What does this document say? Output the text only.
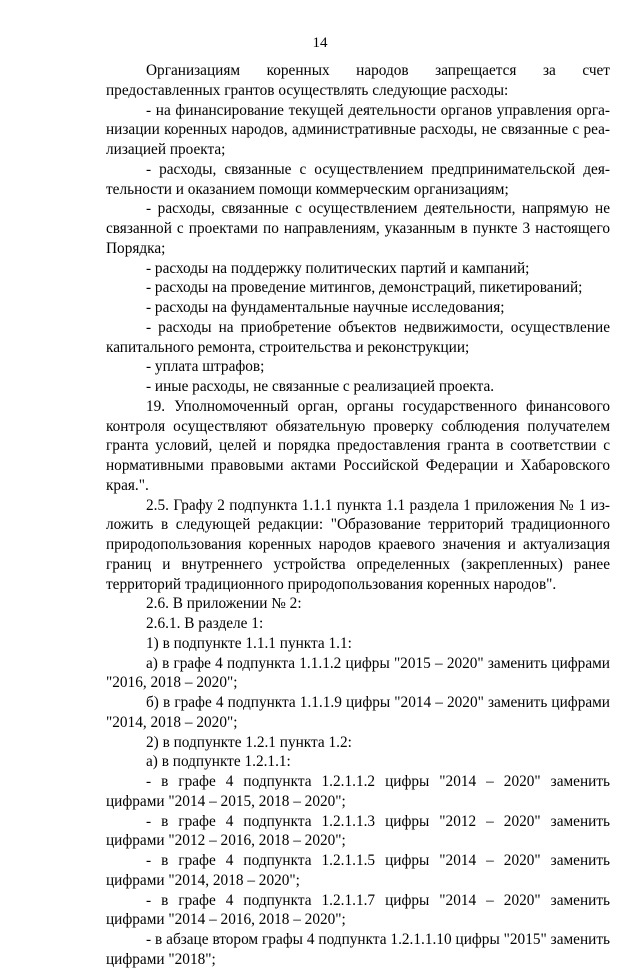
14

Организациям коренных народов запрещается за счет предоставленных грантов осуществлять следующие расходы:

- на финансирование текущей деятельности органов управления организации коренных народов, административные расходы, не связанные с реализацией проекта;

- расходы, связанные с осуществлением предпринимательской деятельности и оказанием помощи коммерческим организациям;

- расходы, связанные с осуществлением деятельности, напрямую не связанной с проектами по направлениям, указанным в пункте 3 настоящего Порядка;

- расходы на поддержку политических партий и кампаний;

- расходы на проведение митингов, демонстраций, пикетирований;

- расходы на фундаментальные научные исследования;

- расходы на приобретение объектов недвижимости, осуществление капитального ремонта, строительства и реконструкции;

- уплата штрафов;

- иные расходы, не связанные с реализацией проекта.

19. Уполномоченный орган, органы государственного финансового контроля осуществляют обязательную проверку соблюдения получателем гранта условий, целей и порядка предоставления гранта в соответствии с нормативными правовыми актами Российской Федерации и Хабаровского края.".

2.5. Графу 2 подпункта 1.1.1 пункта 1.1 раздела 1 приложения № 1 изложить в следующей редакции: "Образование территорий традиционного природопользования коренных народов краевого значения и актуализация границ и внутреннего устройства определенных (закрепленных) ранее территорий традиционного природопользования коренных народов".

2.6. В приложении № 2:

2.6.1. В разделе 1:

1) в подпункте 1.1.1 пункта 1.1:

а) в графе 4 подпункта 1.1.1.2 цифры "2015 – 2020" заменить цифрами "2016, 2018 – 2020";

б) в графе 4 подпункта 1.1.1.9 цифры "2014 – 2020" заменить цифрами "2014, 2018 – 2020";

2) в подпункте 1.2.1 пункта 1.2:

а) в подпункте 1.2.1.1:

- в графе 4 подпункта 1.2.1.1.2 цифры "2014 – 2020" заменить цифрами "2014 – 2015, 2018 – 2020";

- в графе 4 подпункта 1.2.1.1.3 цифры "2012 – 2020" заменить цифрами "2012 – 2016, 2018 – 2020";

- в графе 4 подпункта 1.2.1.1.5 цифры "2014 – 2020" заменить цифрами "2014, 2018 – 2020";

- в графе 4 подпункта 1.2.1.1.7 цифры "2014 – 2020" заменить цифрами "2014 – 2016, 2018 – 2020";

- в абзаце втором графы 4 подпункта 1.2.1.1.10 цифры "2015" заменить цифрами "2018";
